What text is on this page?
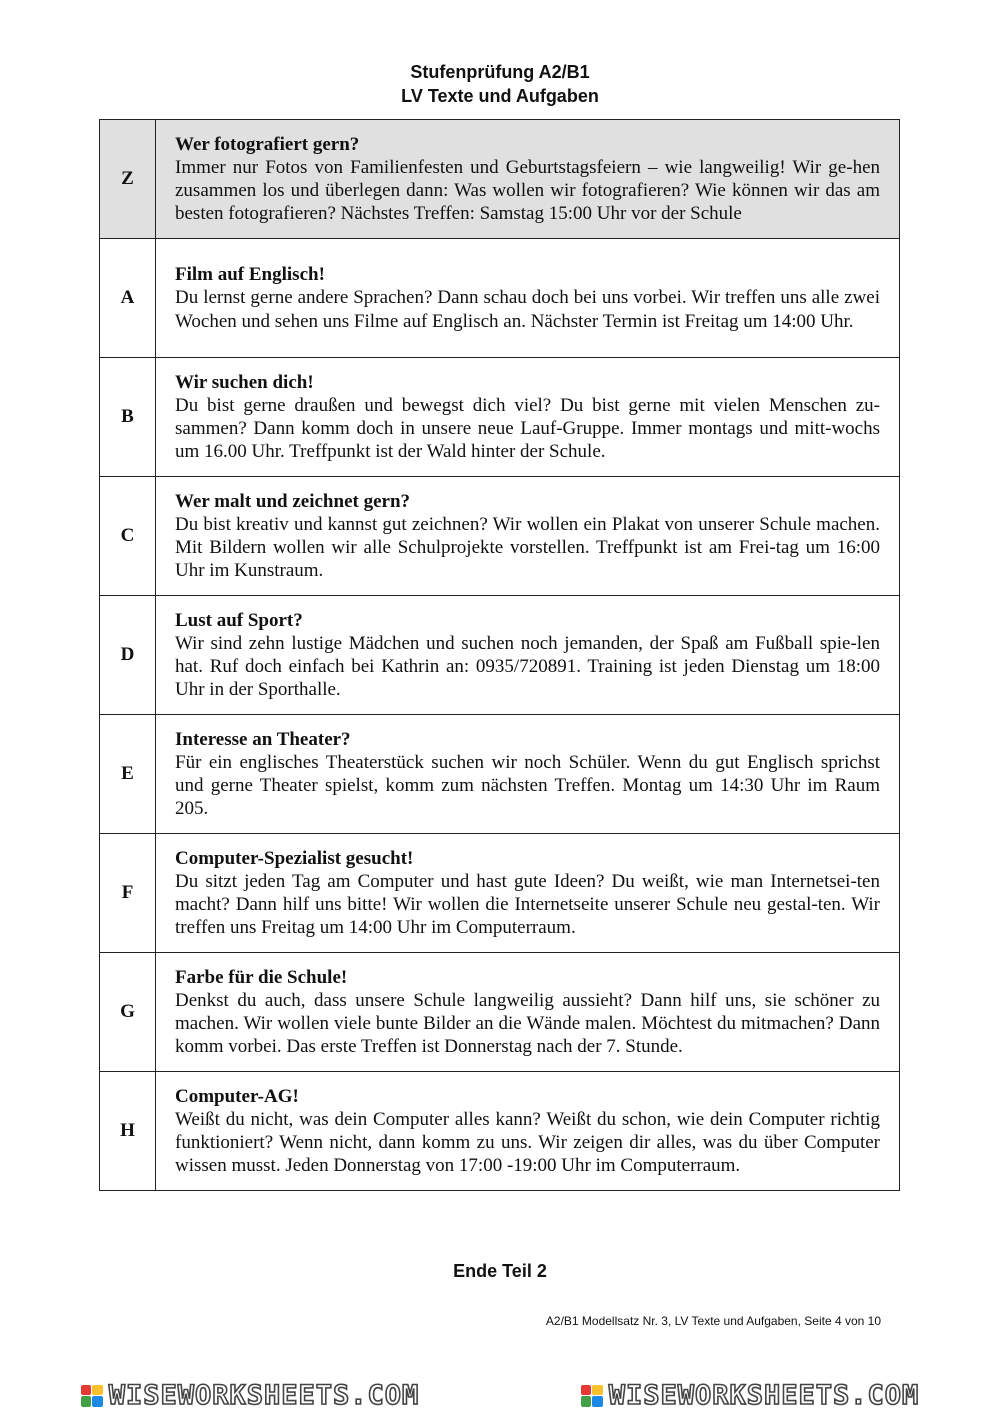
Stufenprüfung A2/B1
LV Texte und Aufgaben
Z	Wer fotografiert gern?
Immer nur Fotos von Familienfesten und Geburtstagsfeiern – wie langweilig! Wir ge-hen zusammen los und überlegen dann: Was wollen wir fotografieren? Wie können wir das am besten fotografieren? Nächstes Treffen: Samstag 15:00 Uhr vor der Schule

A	Film auf Englisch!
Du lernst gerne andere Sprachen? Dann schau doch bei uns vorbei. Wir treffen uns alle zwei Wochen und sehen uns Filme auf Englisch an. Nächster Termin ist Freitag um 14:00 Uhr.

B	Wir suchen dich!
Du bist gerne draußen und bewegst dich viel? Du bist gerne mit vielen Menschen zu-sammen? Dann komm doch in unsere neue Lauf-Gruppe. Immer montags und mitt-wochs um 16.00 Uhr. Treffpunkt ist der Wald hinter der Schule.

C	Wer malt und zeichnet gern?
Du bist kreativ und kannst gut zeichnen? Wir wollen ein Plakat von unserer Schule machen. Mit Bildern wollen wir alle Schulprojekte vorstellen. Treffpunkt ist am Frei-tag um 16:00 Uhr im Kunstraum.

D	Lust auf Sport?
Wir sind zehn lustige Mädchen und suchen noch jemanden, der Spaß am Fußball spie-len hat. Ruf doch einfach bei Kathrin an: 0935/720891. Training ist jeden Dienstag um 18:00 Uhr in der Sporthalle.

E	Interesse an Theater?
Für ein englisches Theaterstück suchen wir noch Schüler. Wenn du gut Englisch sprichst und gerne Theater spielst, komm zum nächsten Treffen. Montag um 14:30 Uhr im Raum 205.

F	Computer-Spezialist gesucht!
Du sitzt jeden Tag am Computer und hast gute Ideen? Du weißt, wie man Internetsei-ten macht? Dann hilf uns bitte! Wir wollen die Internetseite unserer Schule neu gestal-ten. Wir treffen uns Freitag um 14:00 Uhr im Computerraum.

G	Farbe für die Schule!
Denkst du auch, dass unsere Schule langweilig aussieht? Dann hilf uns, sie schöner zu machen. Wir wollen viele bunte Bilder an die Wände malen. Möchtest du mitmachen? Dann komm vorbei. Das erste Treffen ist Donnerstag nach der 7. Stunde.

H	Computer-AG!
Weißt du nicht, was dein Computer alles kann? Weißt du schon, wie dein Computer richtig funktioniert? Wenn nicht, dann komm zu uns. Wir zeigen dir alles, was du über Computer wissen musst. Jeden Donnerstag von 17:00 -19:00 Uhr im Computerraum.
Ende Teil 2
A2/B1 Modellsatz Nr. 3, LV Texte und Aufgaben, Seite 4 von 10
WISEWORKSHEETS.COM	WISEWORKSHEETS.COM
